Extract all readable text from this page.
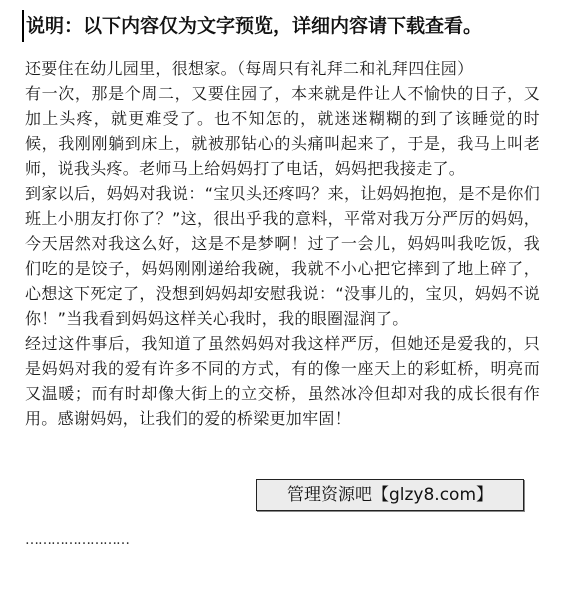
说明：以下内容仅为文字预览，详细内容请下载查看。

还要住在幼儿园里，很想家。（每周只有礼拜二和礼拜四住园）

有一次，那是个周二，又要住园了，本来就是件让人不愉快的日子，又加上头疼，就更难受了。也不知怎的，就迷迷糊糊的到了该睡觉的时候，我刚刚躺到床上，就被那钻心的头痛叫起来了，于是，我马上叫老师，说我头疼。老师马上给妈妈打了电话，妈妈把我接走了。

到家以后，妈妈对我说：“宝贝头还疼吗？来，让妈妈抱抱，是不是你们班上小朋友打你了？”这，很出乎我的意料，平常对我万分严厉的妈妈，今天居然对我这么好，这是不是梦啊！过了一会儿，妈妈叫我吃饭，我们吃的是饺子，妈妈刚刚递给我碗，我就不小心把它摔到了地上碎了，心想这下死定了，没想到妈妈却安慰我说：“没事儿的，宝贝，妈妈不说你！”当我看到妈妈这样关心我时，我的眼圈湿润了。

经过这件事后，我知道了虽然妈妈对我这样严厉，但她还是爱我的，只是妈妈对我的爱有许多不同的方式，有的像一座天上的彩虹桥，明亮而又温暖；而有时却像大街上的立交桥，虽然冰冷但却对我的成长很有作用。感谢妈妈，让我们的爱的桥梁更加牢固！

……………………
管理资源吧【glzy8.com】
